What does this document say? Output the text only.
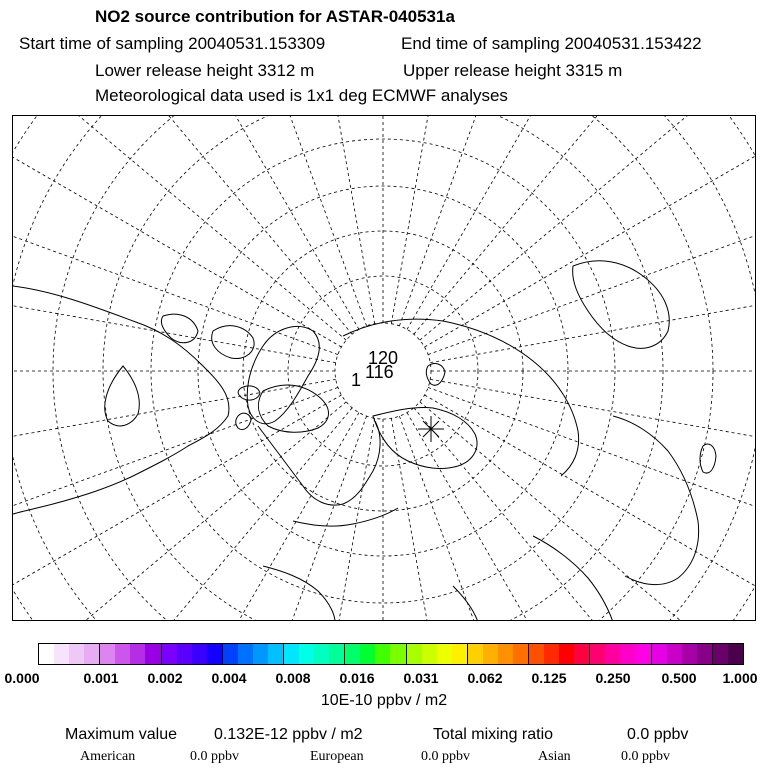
NO2 source contribution for ASTAR-040531a
Start time of sampling 20040531.153309	End time of sampling 20040531.153422
Lower release height 3312 m	Upper release height 3315 m
Meteorological data used is 1x1 deg ECMWF analyses
120
116
1
0.000	0.001 0.002 0.004 0.008 0.016 0.031 0.062 0.125 0.250 0.500 1.000
10E-10 ppbv / m2
Maximum value 0.132E-12 ppbv / m2	Total mixing ratio	0.0 ppbv
American	0.0 ppbv	European	0.0 ppbv	Asian	0.0 ppbv
